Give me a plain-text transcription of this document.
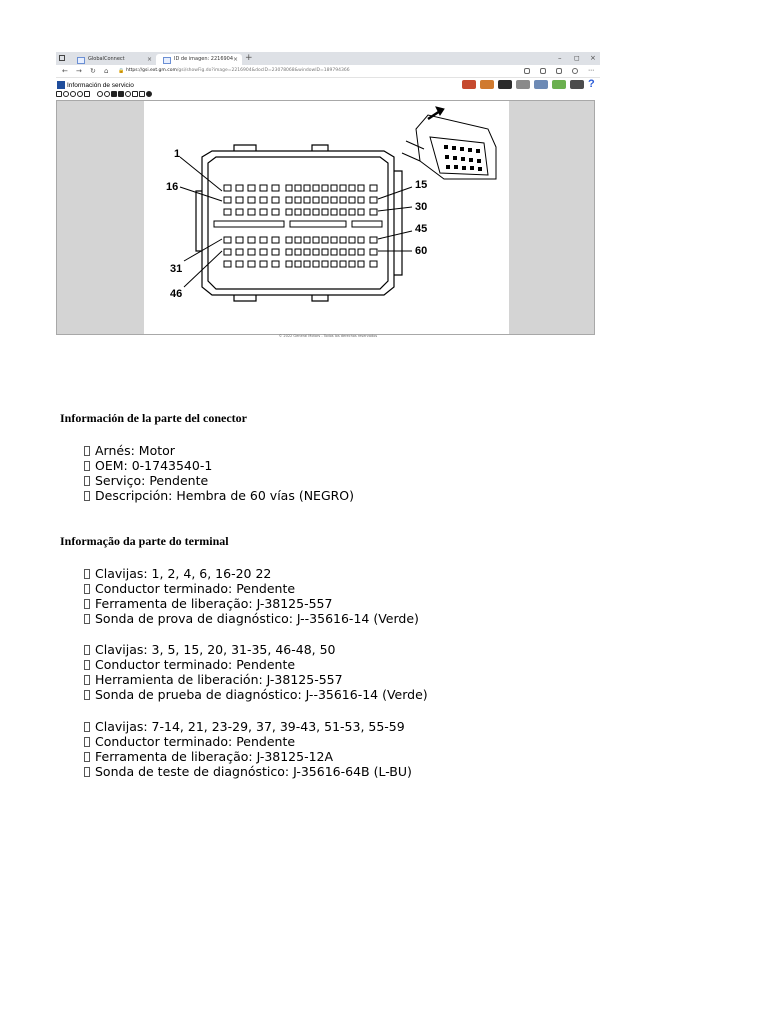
GlobalConnect	×	ID de imagen: 2216904 × +	– ◻ ×
← → ↻ ⌂ 🔒 https://gsi.ext.gm.com/gsi/showFig.do?image=2216904&docID=23078068&windowID=189794366	⋯
Información de servicio	?
1
16	15
30
45
60
31
46
© 2022 General Motors - Todos los derechos reservados
Información de la parte del conector
Arnés: Motor
OEM: 0-1743540-1
Serviço: Pendente
Descripción: Hembra de 60 vías (NEGRO)
Informação da parte do terminal
Clavijas: 1, 2, 4, 6, 16-20 22
Conductor terminado: Pendente
Ferramenta de liberação: J-38125-557
Sonda de prova de diagnóstico: J--35616-14 (Verde)
Clavijas: 3, 5, 15, 20, 31-35, 46-48, 50
Conductor terminado: Pendente
Herramienta de liberación: J-38125-557
Sonda de prueba de diagnóstico: J--35616-14 (Verde)
Clavijas: 7-14, 21, 23-29, 37, 39-43, 51-53, 55-59
Conductor terminado: Pendente
Ferramenta de liberação: J-38125-12A
Sonda de teste de diagnóstico: J-35616-64B (L-BU)
